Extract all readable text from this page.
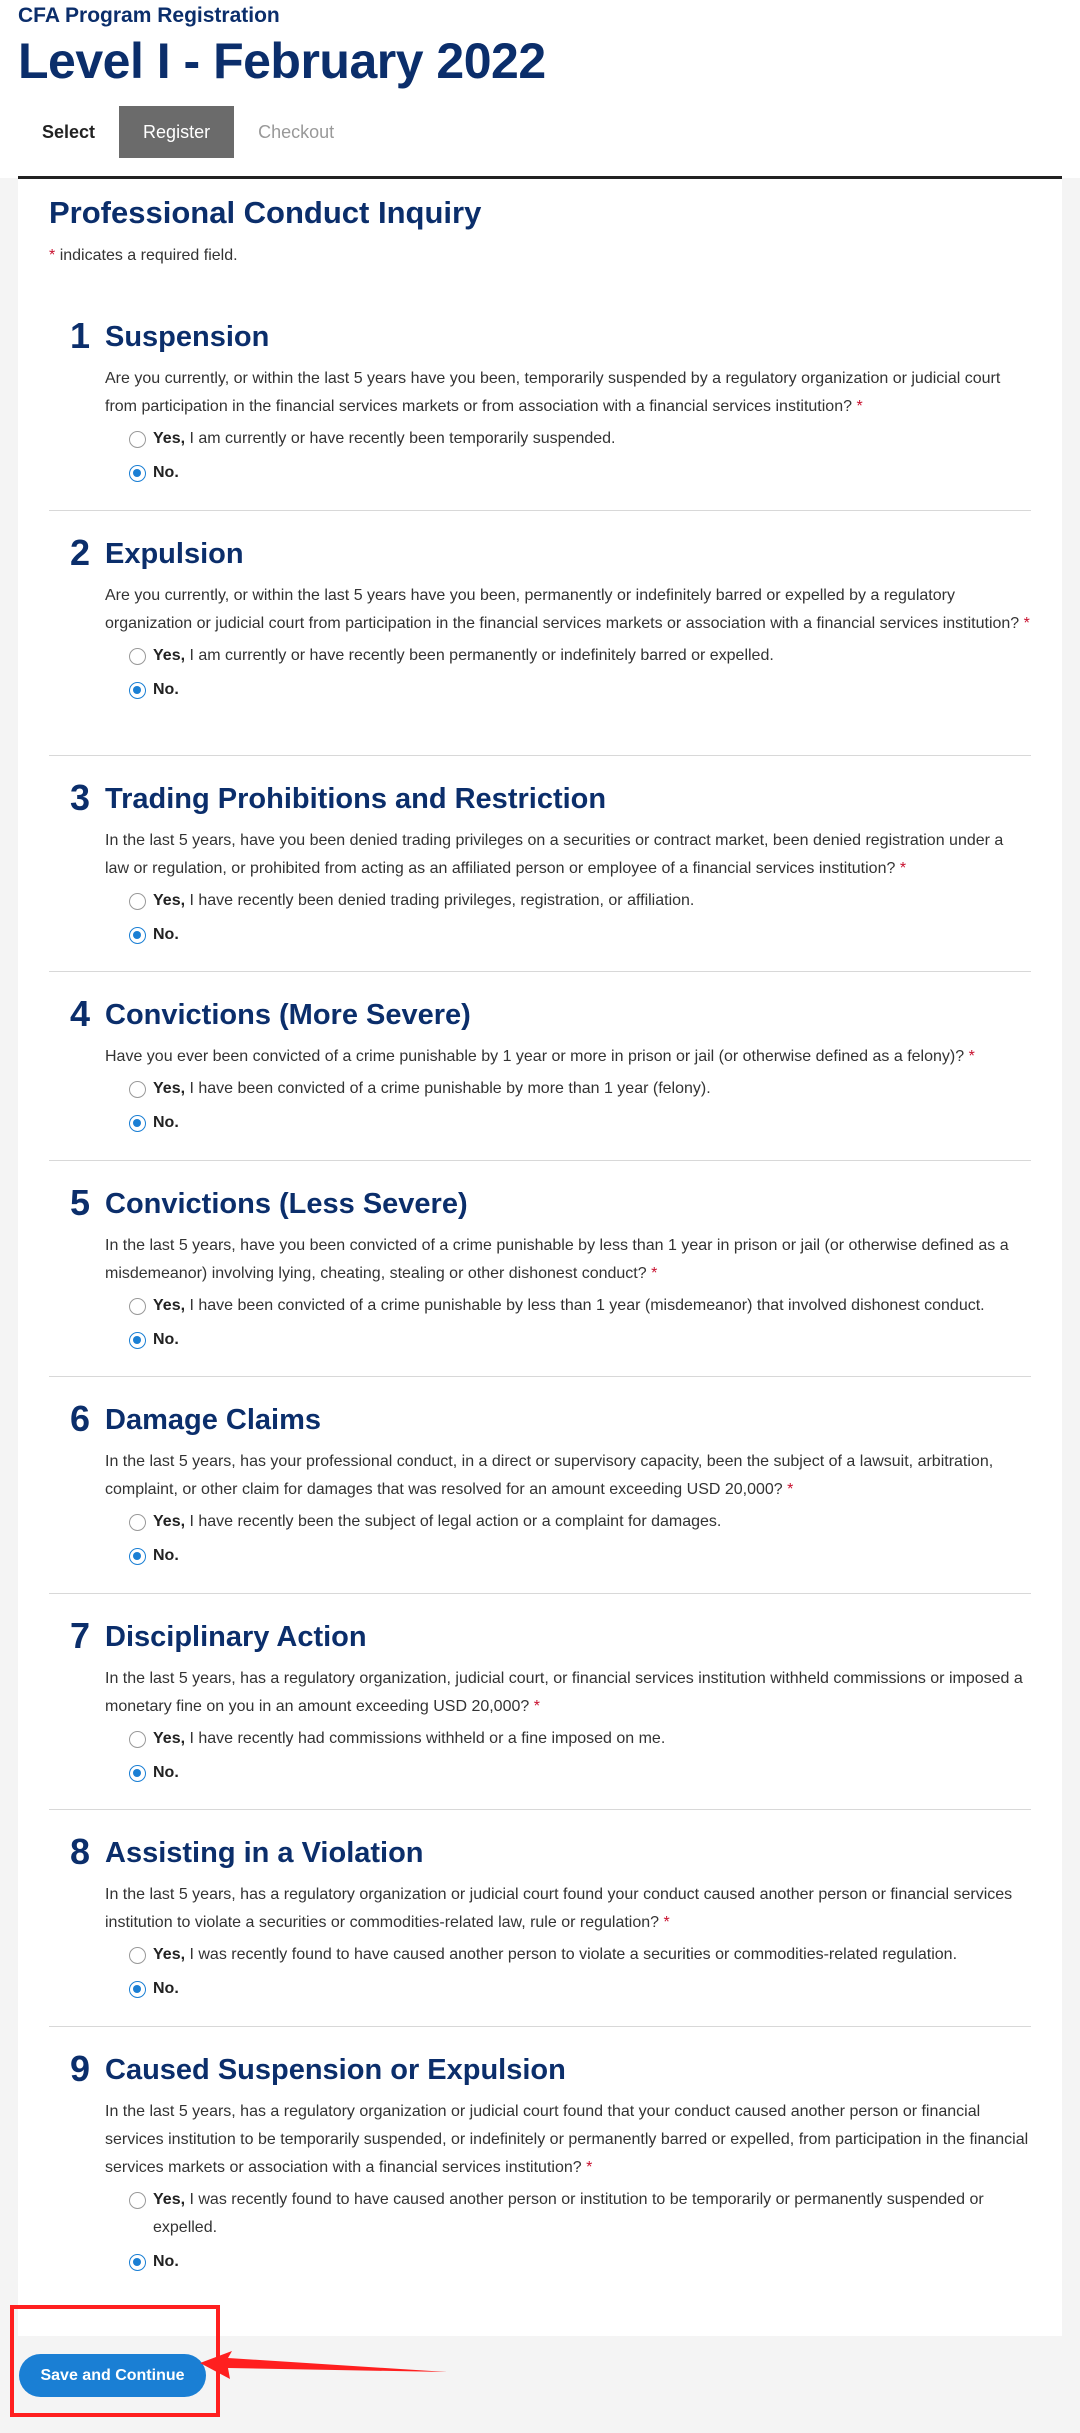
CFA Program Registration
Level I - February 2022
Select	Register	Checkout
Professional Conduct Inquiry
* indicates a required field.
1 Suspension
Are you currently, or within the last 5 years have you been, temporarily suspended by a regulatory organization or judicial court from participation in the financial services markets or from association with a financial services institution? *
Yes, I am currently or have recently been temporarily suspended.
No.
2 Expulsion
Are you currently, or within the last 5 years have you been, permanently or indefinitely barred or expelled by a regulatory organization or judicial court from participation in the financial services markets or association with a financial services institution? *
Yes, I am currently or have recently been permanently or indefinitely barred or expelled.
No.
3 Trading Prohibitions and Restriction
In the last 5 years, have you been denied trading privileges on a securities or contract market, been denied registration under a law or regulation, or prohibited from acting as an affiliated person or employee of a financial services institution? *
Yes, I have recently been denied trading privileges, registration, or affiliation.
No.
4 Convictions (More Severe)
Have you ever been convicted of a crime punishable by 1 year or more in prison or jail (or otherwise defined as a felony)? *
Yes, I have been convicted of a crime punishable by more than 1 year (felony).
No.
5 Convictions (Less Severe)
In the last 5 years, have you been convicted of a crime punishable by less than 1 year in prison or jail (or otherwise defined as a misdemeanor) involving lying, cheating, stealing or other dishonest conduct? *
Yes, I have been convicted of a crime punishable by less than 1 year (misdemeanor) that involved dishonest conduct.
No.
6 Damage Claims
In the last 5 years, has your professional conduct, in a direct or supervisory capacity, been the subject of a lawsuit, arbitration, complaint, or other claim for damages that was resolved for an amount exceeding USD 20,000? *
Yes, I have recently been the subject of legal action or a complaint for damages.
No.
7 Disciplinary Action
In the last 5 years, has a regulatory organization, judicial court, or financial services institution withheld commissions or imposed a monetary fine on you in an amount exceeding USD 20,000? *
Yes, I have recently had commissions withheld or a fine imposed on me.
No.
8 Assisting in a Violation
In the last 5 years, has a regulatory organization or judicial court found your conduct caused another person or financial services institution to violate a securities or commodities-related law, rule or regulation? *
Yes, I was recently found to have caused another person to violate a securities or commodities-related regulation.
No.
9 Caused Suspension or Expulsion
In the last 5 years, has a regulatory organization or judicial court found that your conduct caused another person or financial services institution to be temporarily suspended, or indefinitely or permanently barred or expelled, from participation in the financial services markets or association with a financial services institution? *
Yes, I was recently found to have caused another person or institution to be temporarily or permanently suspended or expelled.
No.
Save and Continue
